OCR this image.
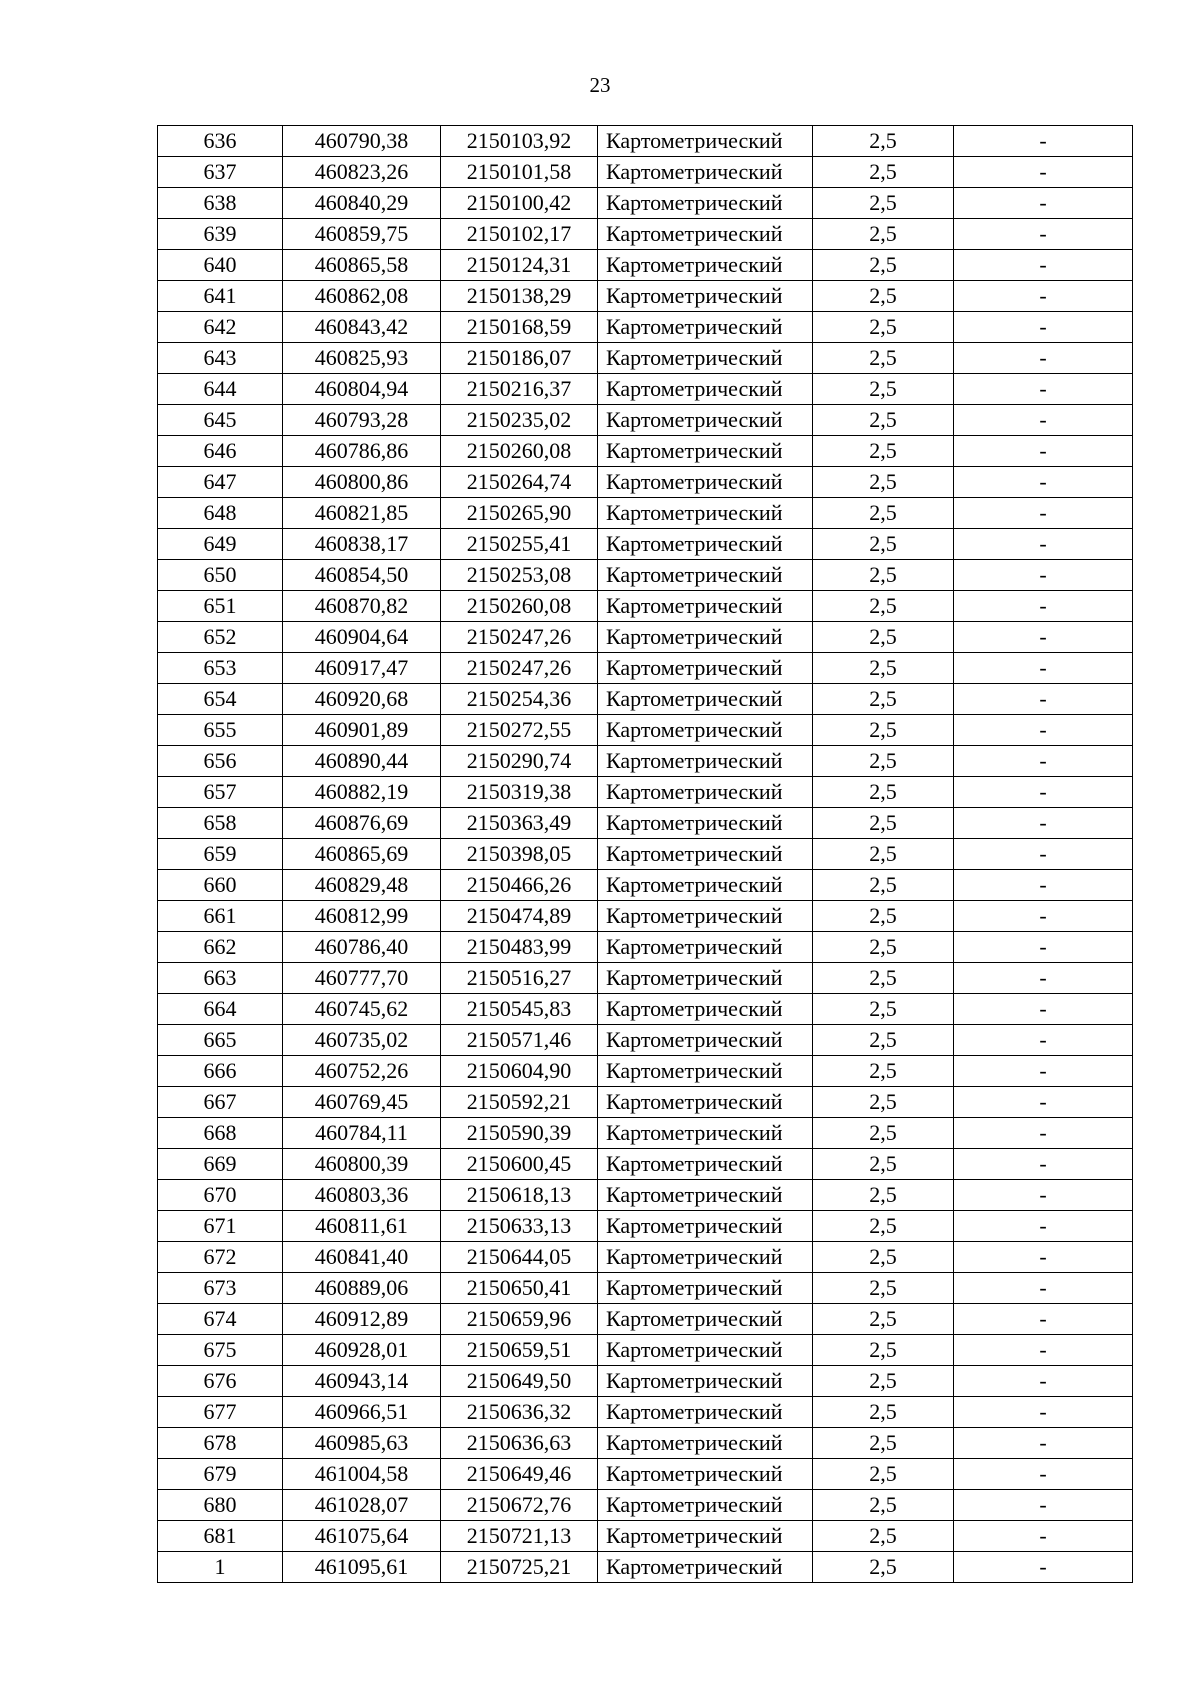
23
636	460790,38	2150103,92	Картометрический	2,5	-
637	460823,26	2150101,58	Картометрический	2,5	-
638	460840,29	2150100,42	Картометрический	2,5	-
639	460859,75	2150102,17	Картометрический	2,5	-
640	460865,58	2150124,31	Картометрический	2,5	-
641	460862,08	2150138,29	Картометрический	2,5	-
642	460843,42	2150168,59	Картометрический	2,5	-
643	460825,93	2150186,07	Картометрический	2,5	-
644	460804,94	2150216,37	Картометрический	2,5	-
645	460793,28	2150235,02	Картометрический	2,5	-
646	460786,86	2150260,08	Картометрический	2,5	-
647	460800,86	2150264,74	Картометрический	2,5	-
648	460821,85	2150265,90	Картометрический	2,5	-
649	460838,17	2150255,41	Картометрический	2,5	-
650	460854,50	2150253,08	Картометрический	2,5	-
651	460870,82	2150260,08	Картометрический	2,5	-
652	460904,64	2150247,26	Картометрический	2,5	-
653	460917,47	2150247,26	Картометрический	2,5	-
654	460920,68	2150254,36	Картометрический	2,5	-
655	460901,89	2150272,55	Картометрический	2,5	-
656	460890,44	2150290,74	Картометрический	2,5	-
657	460882,19	2150319,38	Картометрический	2,5	-
658	460876,69	2150363,49	Картометрический	2,5	-
659	460865,69	2150398,05	Картометрический	2,5	-
660	460829,48	2150466,26	Картометрический	2,5	-
661	460812,99	2150474,89	Картометрический	2,5	-
662	460786,40	2150483,99	Картометрический	2,5	-
663	460777,70	2150516,27	Картометрический	2,5	-
664	460745,62	2150545,83	Картометрический	2,5	-
665	460735,02	2150571,46	Картометрический	2,5	-
666	460752,26	2150604,90	Картометрический	2,5	-
667	460769,45	2150592,21	Картометрический	2,5	-
668	460784,11	2150590,39	Картометрический	2,5	-
669	460800,39	2150600,45	Картометрический	2,5	-
670	460803,36	2150618,13	Картометрический	2,5	-
671	460811,61	2150633,13	Картометрический	2,5	-
672	460841,40	2150644,05	Картометрический	2,5	-
673	460889,06	2150650,41	Картометрический	2,5	-
674	460912,89	2150659,96	Картометрический	2,5	-
675	460928,01	2150659,51	Картометрический	2,5	-
676	460943,14	2150649,50	Картометрический	2,5	-
677	460966,51	2150636,32	Картометрический	2,5	-
678	460985,63	2150636,63	Картометрический	2,5	-
679	461004,58	2150649,46	Картометрический	2,5	-
680	461028,07	2150672,76	Картометрический	2,5	-
681	461075,64	2150721,13	Картометрический	2,5	-
1	461095,61	2150725,21	Картометрический	2,5	-
